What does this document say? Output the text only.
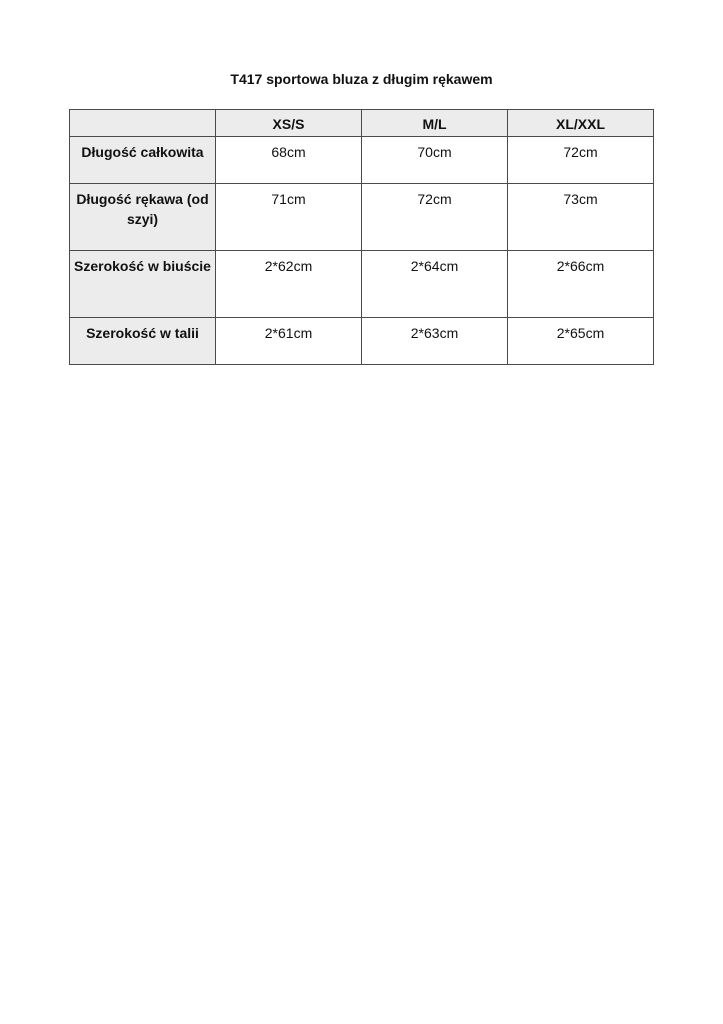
T417 sportowa bluza z długim rękawem
	XS/S	M/L	XL/XXL
Długość całkowita	68cm	70cm	72cm
Długość rękawa (od szyi)	71cm	72cm	73cm
Szerokość w biuście	2*62cm	2*64cm	2*66cm
Szerokość w talii	2*61cm	2*63cm	2*65cm
